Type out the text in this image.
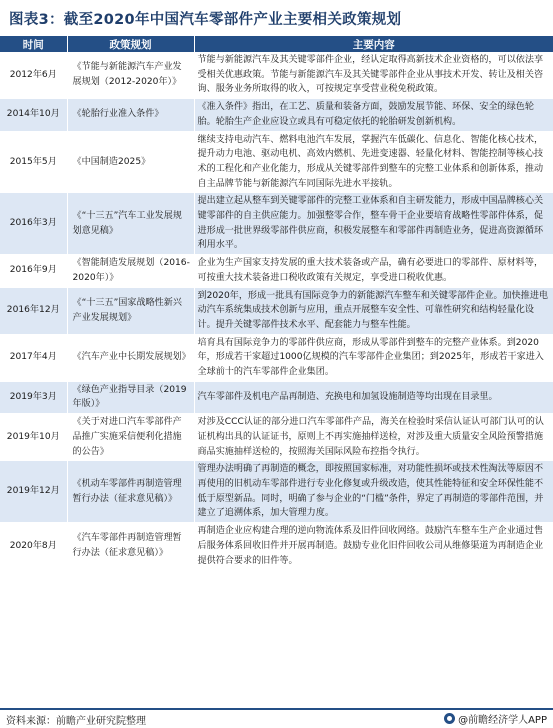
图表3：截至2020年中国汽车零部件产业主要相关政策规划
时间	政策规划	主要内容
2012年6月	《节能与新能源汽车产业发展规划（2012-2020年）》	节能与新能源汽车及其关键零部件企业，经认定取得高新技术企业资格的，可以依法享受相关优惠政策。节能与新能源汽车及其关键零部件企业从事技术开发、转让及相关咨询、服务业务所取得的收入，可按规定享受营业税免税政策。
2014年10月	《轮胎行业准入条件》	《准入条件》指出，在工艺、质量和装备方面，鼓励发展节能、环保、安全的绿色轮胎。轮胎生产企业应设立或具有可稳定依托的轮胎研发创新机构。
2015年5月	《中国制造2025》	继续支持电动汽车、燃料电池汽车发展，掌握汽车低碳化、信息化、智能化核心技术，提升动力电池、驱动电机、高效内燃机、先进变速器、轻量化材料、智能控制等核心技术的工程化和产业化能力，形成从关键零部件到整车的完整工业体系和创新体系，推动自主品牌节能与新能源汽车同国际先进水平接轨。
2016年3月	《“十三五”汽车工业发展规划意见稿》	提出建立起从整车到关键零部件的完整工业体系和自主研发能力，形成中国品牌核心关键零部件的自主供应能力。加强整零合作，整车骨干企业要培育战略性零部件体系，促进形成一批世界级零部件供应商，积极发展整车和零部件再制造业务，促进高资源循环利用水平。
2016年9月	《智能制造发展规划（2016-2020年）》	企业为生产国家支持发展的重大技术装备或产品，确有必要进口的零部件、原材料等，可按重大技术装备进口税收政策有关规定，享受进口税收优惠。
2016年12月	《“十三五”国家战略性新兴产业发展规划》	到2020年，形成一批具有国际竞争力的新能源汽车整车和关键零部件企业。加快推进电动汽车系统集成技术创新与应用，重点开展整车安全性、可靠性研究和结构轻量化设计。提升关键零部件技术水平、配套能力与整车性能。
2017年4月	《汽车产业中长期发展规划》	培育具有国际竞争力的零部件供应商，形成从零部件到整车的完整产业体系。到2020年，形成若干家超过1000亿规模的汽车零部件企业集团；到2025年，形成若干家进入全球前十的汽车零部件企业集团。
2019年3月	《绿色产业指导目录（2019年版）》	汽车零部件及机电产品再制造、充换电和加氢设施制造等均出现在目录里。
2019年10月	《关于对进口汽车零部件产品推广实施采信便利化措施的公告》	对涉及CCC认证的部分进口汽车零部件产品，海关在检验时采信认证认可部门认可的认证机构出具的认证证书，原则上不再实施抽样送检，对涉及重大质量安全风险预警措施商品实施抽样送检的，按照海关国际风险布控指令执行。
2019年12月	《机动车零部件再制造管理暂行办法（征求意见稿）》	管理办法明确了再制造的概念，即按照国家标准，对功能性损坏或技术性淘汰等原因不再使用的旧机动车零部件进行专业化修复或升级改造，使其性能特征和安全环保性能不低于原型新品。同时，明确了参与企业的“门槛”条件，界定了再制造的零部件范围，并建立了追溯体系，加大管理力度。
2020年8月	《汽车零部件再制造管理暂行办法（征求意见稿）》	再制造企业应构建合理的逆向物流体系及旧件回收网络。鼓励汽车整车生产企业通过售后服务体系回收旧件并开展再制造。鼓励专业化旧件回收公司从维修渠道为再制造企业提供符合要求的旧件等。
资料来源：前瞻产业研究院整理	@前瞻经济学人APP
